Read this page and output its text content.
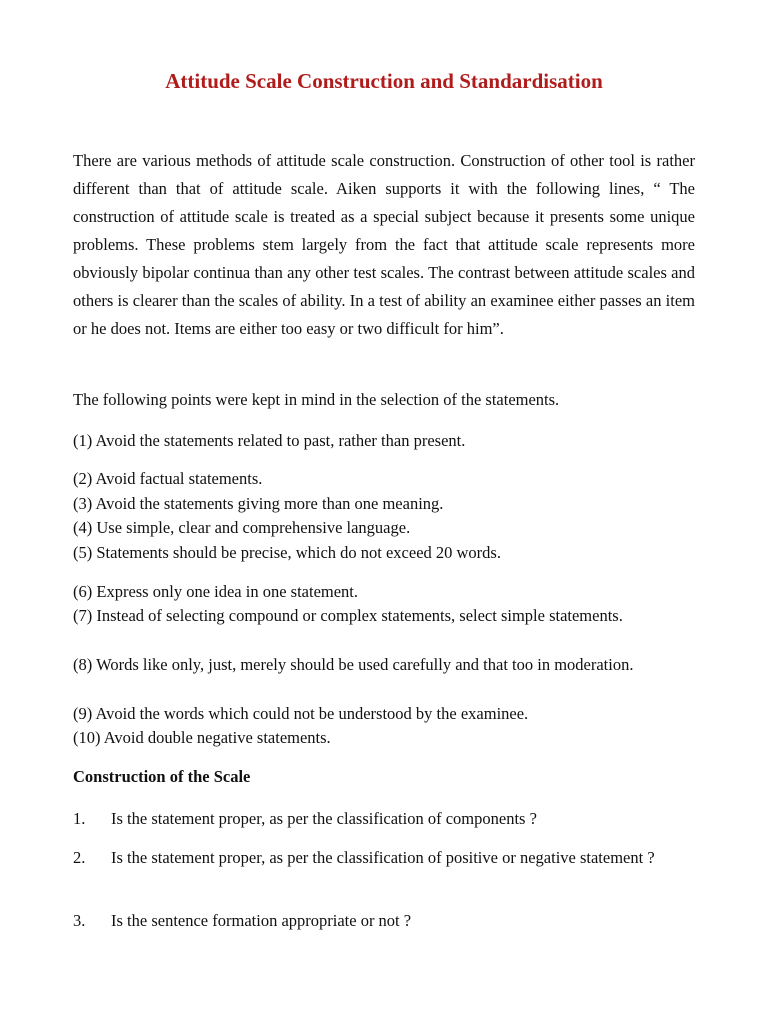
Attitude Scale Construction and Standardisation

There are various methods of attitude scale construction. Construction of other tool is rather different than that of attitude scale. Aiken supports it with the following lines, “ The construction of attitude scale is treated as a special subject because it presents some unique problems. These problems stem largely from the fact that attitude scale represents more obviously bipolar continua than any other test scales. The contrast between attitude scales and others is clearer than the scales of ability. In a test of ability an examinee either passes an item or he does not. Items are either too easy or two difficult for him”.

The following points were kept in mind in the selection of the statements.

(1) Avoid the statements related to past, rather than present.

(2) Avoid factual statements.

(3) Avoid the statements giving more than one meaning.

(4) Use simple, clear and comprehensive language.

(5) Statements should be precise, which do not exceed 20 words.

(6) Express only one idea in one statement.

(7) Instead of selecting compound or complex statements, select simple statements.

(8) Words like only, just, merely should be used carefully and that too in moderation.

(9) Avoid the words which could not be understood by the examinee.

(10) Avoid double negative statements.

Construction of the Scale

1.	Is the statement proper, as per the classification of components ?
2.	Is the statement proper, as per the classification of positive or negative statement ?
3.	Is the sentence formation appropriate or not ?
